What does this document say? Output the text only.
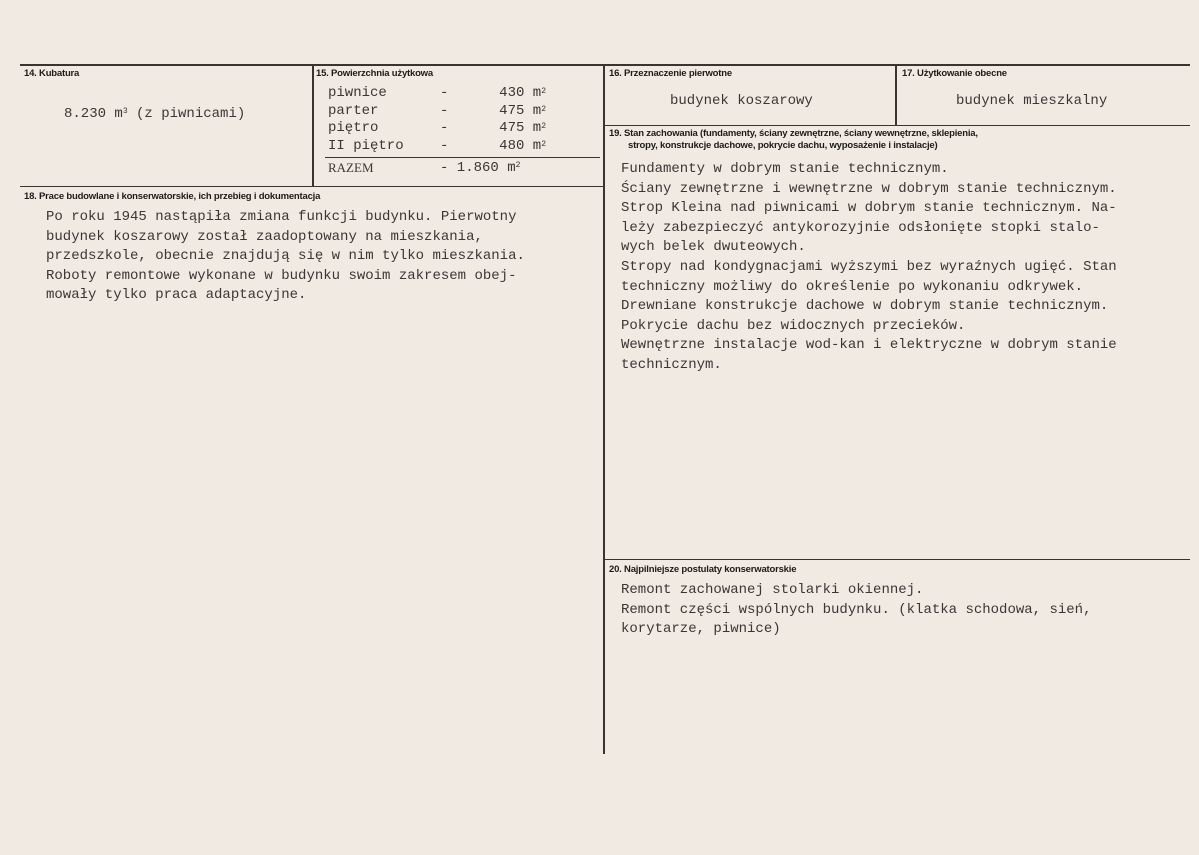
14. Kubatura
8.230 $m^3$ (z piwnicami)
15. Powierzchnia użytkowa
piwnice	-	430 $m^2$
parter	-	475 $m^2$
piętro	-	475 $m^2$
II piętro	-	480 $m^2$
RAZEM	- 1.860 $m^2$
16. Przeznaczenie pierwotne
budynek koszarowy
17. Użytkowanie obecne
budynek mieszkalny
18. Prace budowlane i konserwatorskie, ich przebieg i dokumentacja

Po roku 1945 nastąpiła zmiana funkcji budynku. Pierwotny

budynek koszarowy został zaadoptowany na mieszkania,

przedszkole, obecnie znajdują się w nim tylko mieszkania.

Roboty remontowe wykonane w budynku swoim zakresem obej-

mowały tylko praca adaptacyjne.

19. Stan zachowania (fundamenty, ściany zewnętrzne, ściany wewnętrzne, sklepienia,
stropy, konstrukcje dachowe, pokrycie dachu, wyposażenie i instalacje)

Fundamenty w dobrym stanie technicznym.

Ściany zewnętrzne i wewnętrzne w dobrym stanie technicznym.

Strop Kleina nad piwnicami w dobrym stanie technicznym. Na-

leży zabezpieczyć antykorozyjnie odsłonięte stopki stalo-

wych belek dwuteowych.

Stropy nad kondygnacjami wyższymi bez wyraźnych ugięć. Stan

techniczny możliwy do określenie po wykonaniu odkrywek.

Drewniane konstrukcje dachowe w dobrym stanie technicznym.

Pokrycie dachu bez widocznych przecieków.

Wewnętrzne instalacje wod-kan i elektryczne w dobrym stanie

technicznym.

20. Najpilniejsze postulaty konserwatorskie

Remont zachowanej stolarki okiennej.

Remont części wspólnych budynku. (klatka schodowa, sień,

korytarze, piwnice)
